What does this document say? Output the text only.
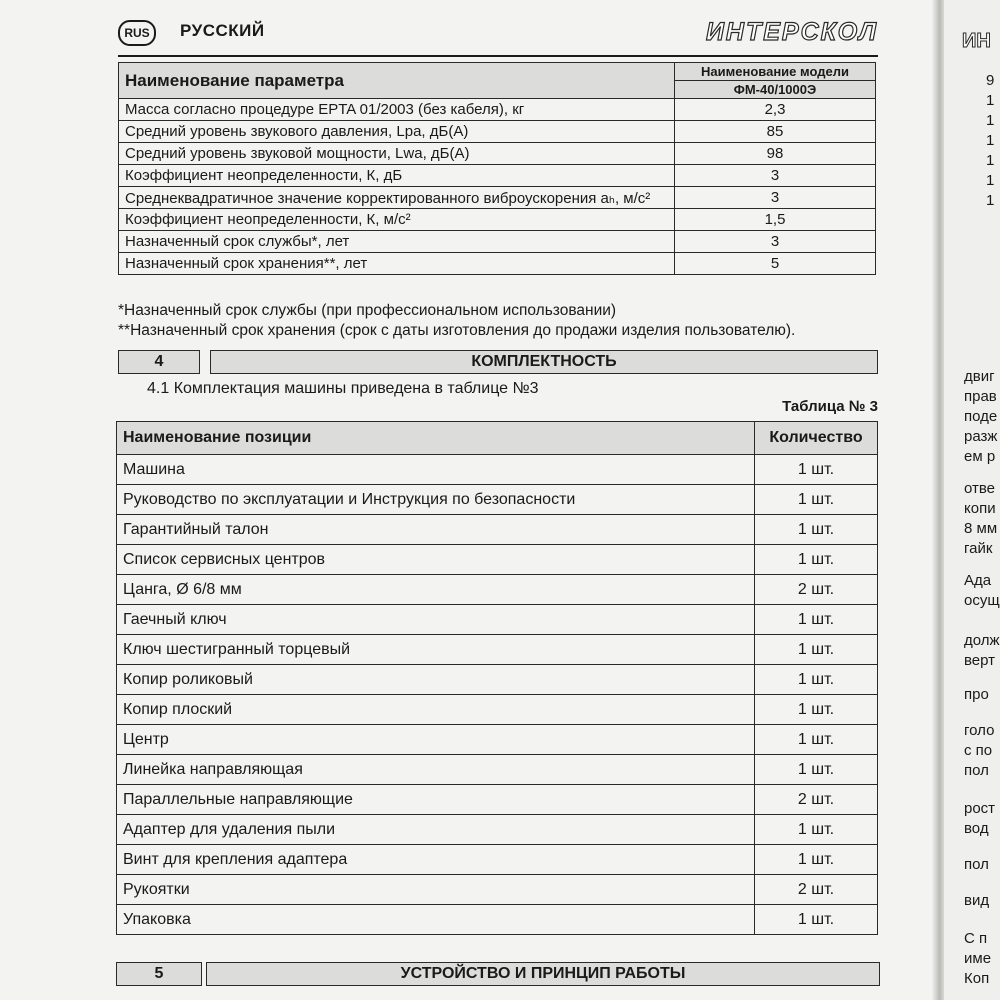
RUS	РУССКИЙ	ИНТЕРСКОЛ
Наименование параметра	Наименование модели
	ФМ-40/1000Э
Масса согласно процедуре EPTA 01/2003 (без кабеля), кг	2,3
Средний уровень звукового давления, Lpa, дБ(А)	85
Средний уровень звуковой мощности, Lwa, дБ(А)	98
Коэффициент неопределенности, К, дБ	3
Среднеквадратичное значение корректированного виброускорения aₕ, м/с²	3
Коэффициент неопределенности, К, м/с²	1,5
Назначенный срок службы*, лет	3
Назначенный срок хранения**, лет	5
*Назначенный срок службы (при профессиональном использовании)
**Назначенный срок хранения (срок с даты изготовления до продажи изделия пользователю).
4	КОМПЛЕКТНОСТЬ
4.1 Комплектация машины приведена в таблице №3
Таблица № 3
Наименование позиции	Количество
Машина	1 шт.
Руководство по эксплуатации и Инструкция по безопасности	1 шт.
Гарантийный талон	1 шт.
Список сервисных центров	1 шт.
Цанга, Ø 6/8 мм	2 шт.
Гаечный ключ	1 шт.
Ключ шестигранный торцевый	1 шт.
Копир роликовый	1 шт.
Копир плоский	1 шт.
Центр	1 шт.
Линейка направляющая	1 шт.
Параллельные направляющие	2 шт.
Адаптер для удаления пыли	1 шт.
Винт для крепления адаптера	1 шт.
Рукоятки	2 шт.
Упаковка	1 шт.
5	УСТРОЙСТВО И ПРИНЦИП РАБОТЫ
ИН
9
1
1
1
1
1
1
двиг
прав
поде
разж
ем р
отве
копи
8 мм
гайк
Ада
осущ
долж
верт
про
голо
с по
пол
рост
вод
пол
вид
С п
име
Коп
